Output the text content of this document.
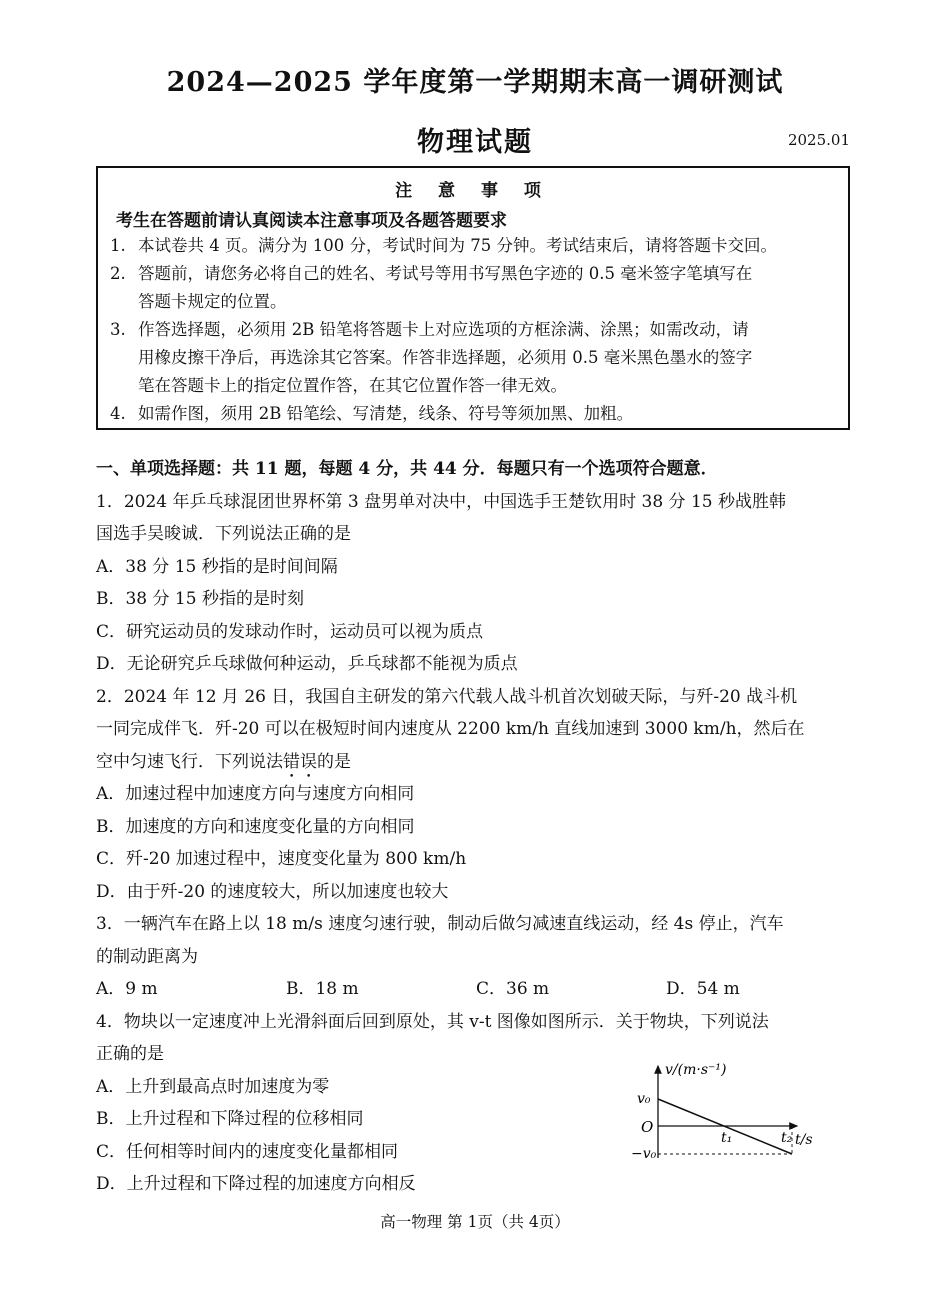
2024—2025 学年度第一学期期末高一调研测试
物理试题	2025.01
注 意 事 项
考生在答题前请认真阅读本注意事项及各题答题要求
1. 本试卷共 4 页。满分为 100 分，考试时间为 75 分钟。考试结束后，请将答题卡交回。
2. 答题前，请您务必将自己的姓名、考试号等用书写黑色字迹的 0.5 毫米签字笔填写在
答题卡规定的位置。
3. 作答选择题，必须用 2B 铅笔将答题卡上对应选项的方框涂满、涂黑；如需改动，请
用橡皮擦干净后，再选涂其它答案。作答非选择题，必须用 0.5 毫米黑色墨水的签字
笔在答题卡上的指定位置作答，在其它位置作答一律无效。
4. 如需作图，须用 2B 铅笔绘、写清楚，线条、符号等须加黑、加粗。
一、单项选择题：共 11 题，每题 4 分，共 44 分．每题只有一个选项符合题意．
1．2024 年乒乓球混团世界杯第 3 盘男单对决中，中国选手王楚钦用时 38 分 15 秒战胜韩
国选手吴晙诚．下列说法正确的是
A．38 分 15 秒指的是时间间隔
B．38 分 15 秒指的是时刻
C．研究运动员的发球动作时，运动员可以视为质点
D．无论研究乒乓球做何种运动，乒乓球都不能视为质点
2．2024 年 12 月 26 日，我国自主研发的第六代载人战斗机首次划破天际，与歼-20 战斗机
一同完成伴飞．歼-20 可以在极短时间内速度从 2200 km/h 直线加速到 3000 km/h，然后在
空中匀速飞行．下列说法错误的是
A．加速过程中加速度方向与速度方向相同
B．加速度的方向和速度变化量的方向相同
C．歼-20 加速过程中，速度变化量为 800 km/h
D．由于歼-20 的速度较大，所以加速度也较大
3．一辆汽车在路上以 18 m/s 速度匀速行驶，制动后做匀减速直线运动，经 4s 停止，汽车
的制动距离为
A．9 m	B．18 m	C．36 m	D．54 m
4．物块以一定速度冲上光滑斜面后回到原处，其 v-t 图像如图所示．关于物块，下列说法
正确的是
A．上升到最高点时加速度为零
B．上升过程和下降过程的位移相同
C．任何相等时间内的速度变化量都相同
D．上升过程和下降过程的加速度方向相反
v/(m·s⁻¹)
v₀
O
−v₀
t₁	t₂ t/s
高一物理 第 1页（共 4页）
